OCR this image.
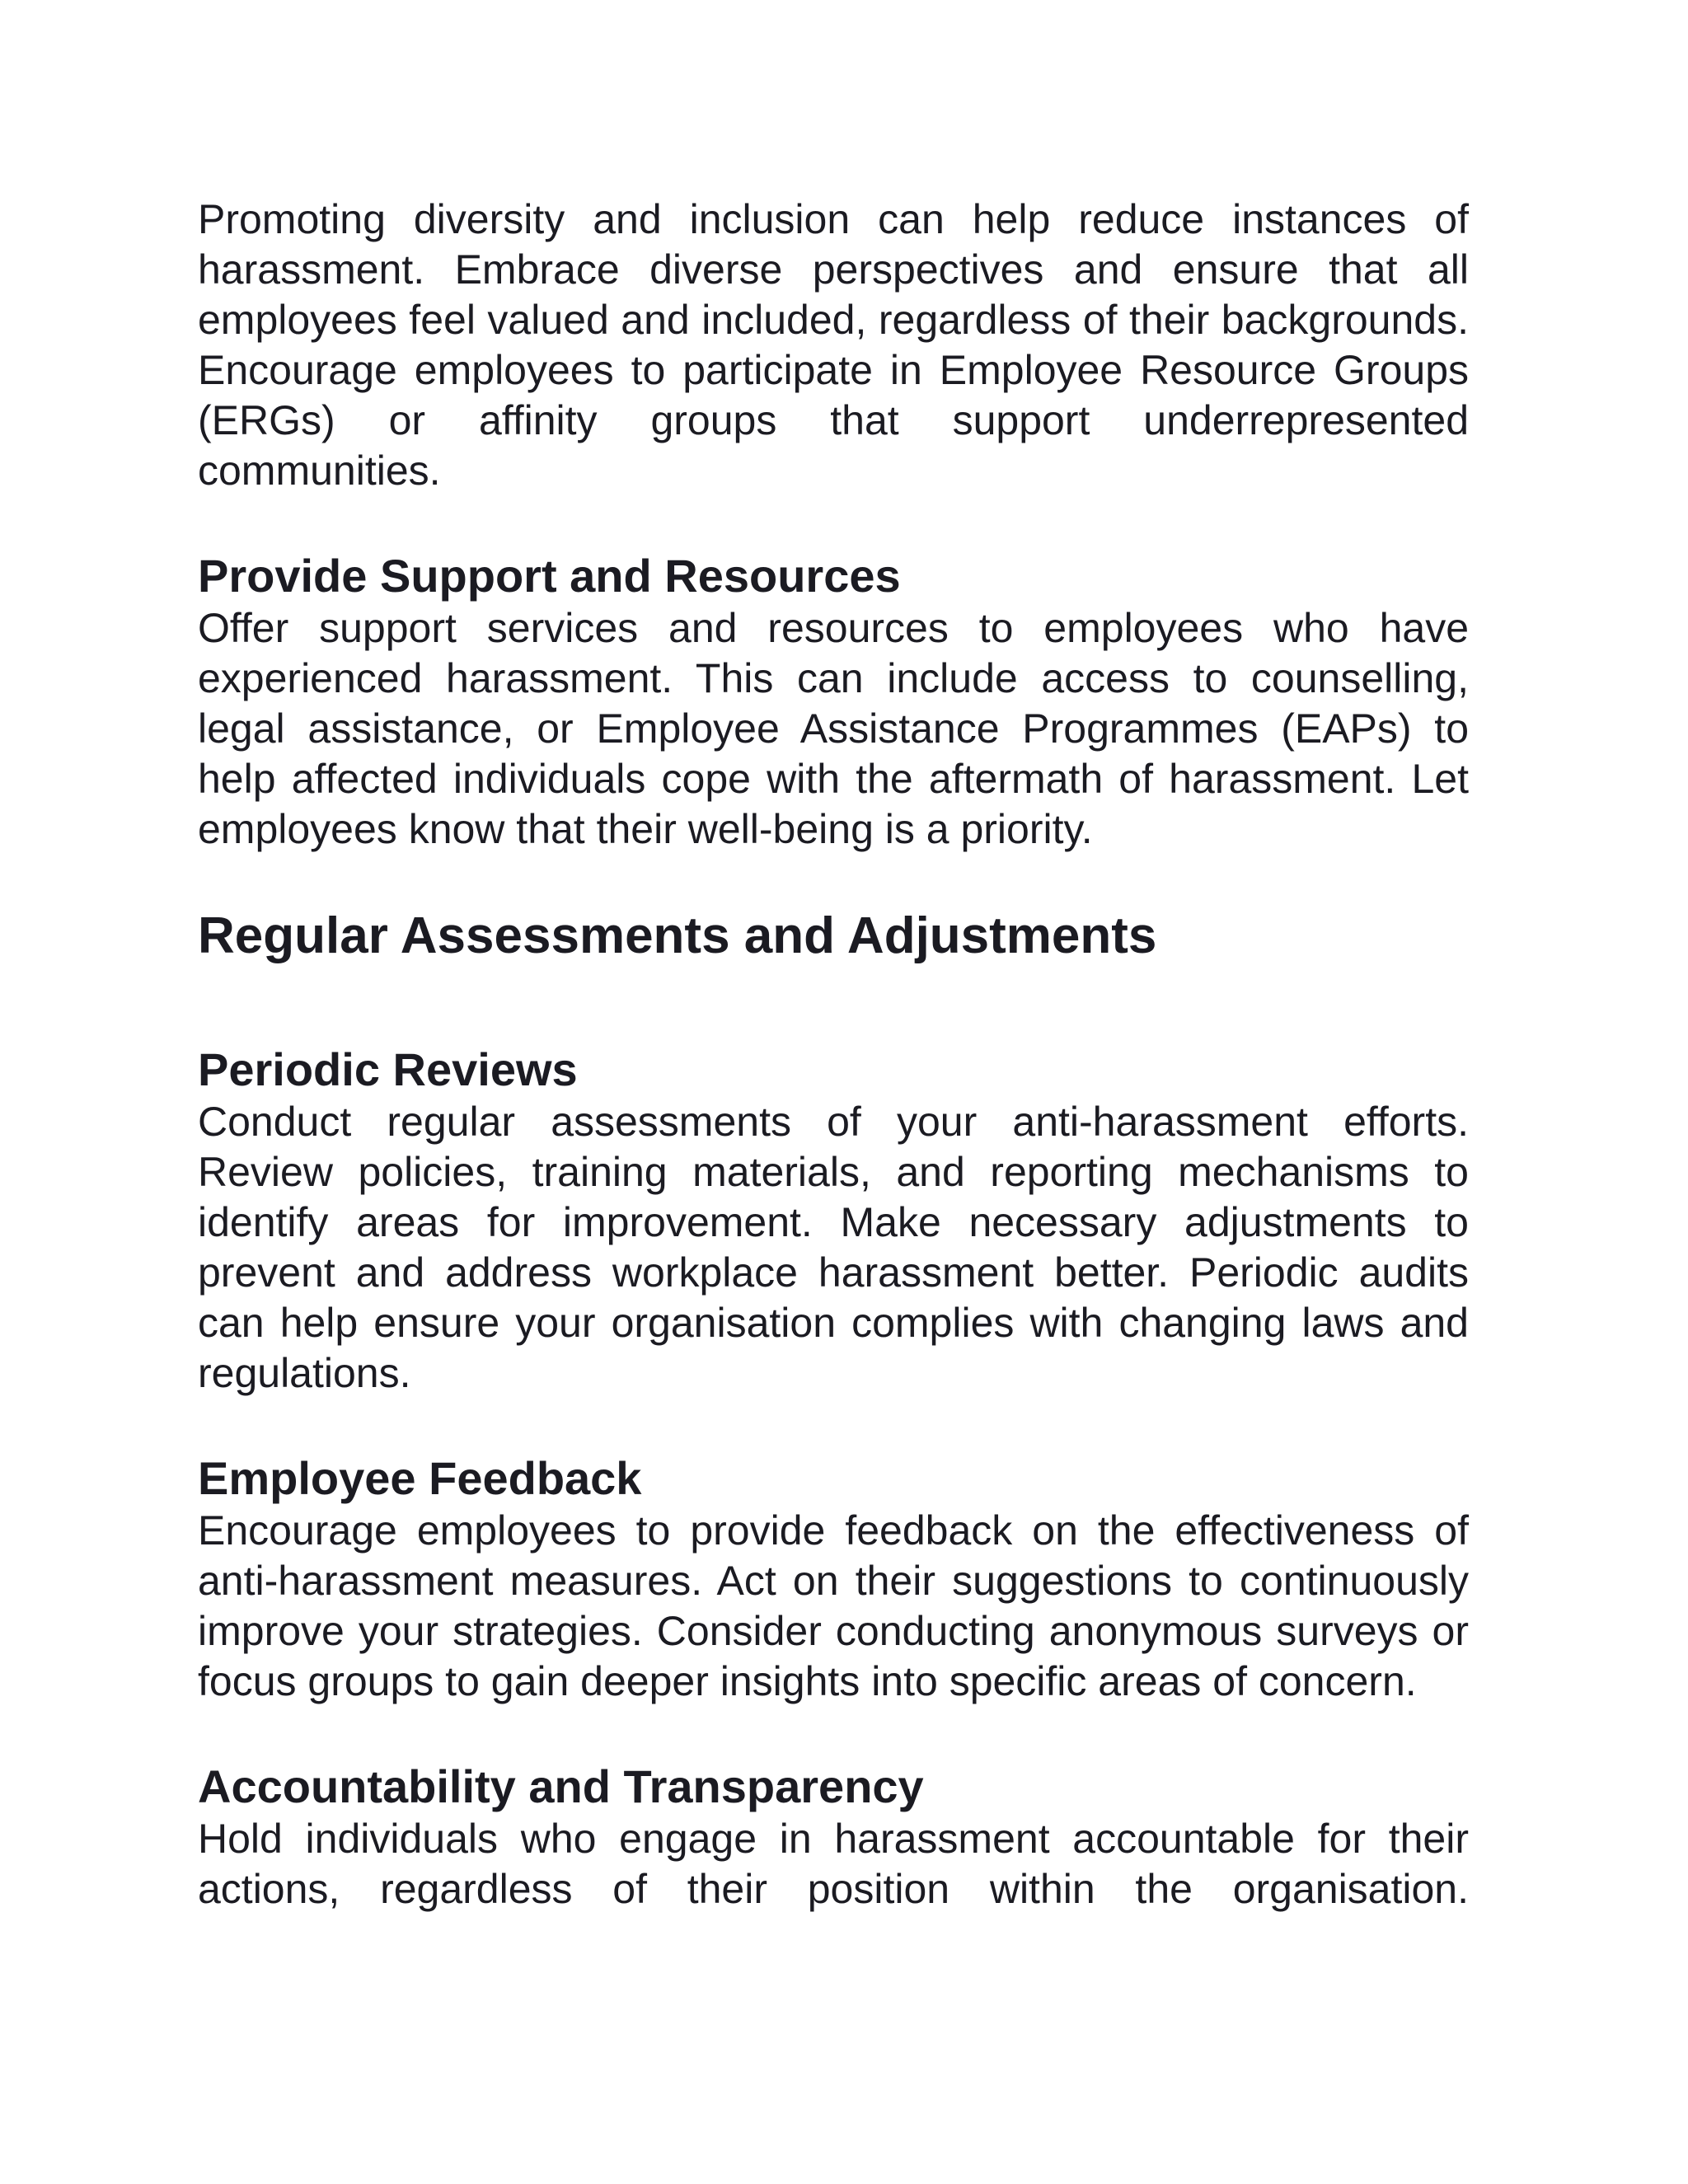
Promoting diversity and inclusion can help reduce instances of harassment. Embrace diverse perspectives and ensure that all employees feel valued and included, regardless of their backgrounds. Encourage employees to participate in Employee Resource Groups (ERGs) or affinity groups that support underrepresented communities.

Provide Support and Resources

Offer support services and resources to employees who have experienced harassment. This can include access to counselling, legal assistance, or Employee Assistance Programmes (EAPs) to help affected individuals cope with the aftermath of harassment. Let employees know that their well-being is a priority.

Regular Assessments and Adjustments
Periodic Reviews

Conduct regular assessments of your anti-harassment efforts. Review policies, training materials, and reporting mechanisms to identify areas for improvement. Make necessary adjustments to prevent and address workplace harassment better. Periodic audits can help ensure your organisation complies with changing laws and regulations.

Employee Feedback

Encourage employees to provide feedback on the effectiveness of anti-harassment measures. Act on their suggestions to continuously improve your strategies. Consider conducting anonymous surveys or focus groups to gain deeper insights into specific areas of concern.

Accountability and Transparency

Hold individuals who engage in harassment accountable for their actions, regardless of their position within the organisation.
